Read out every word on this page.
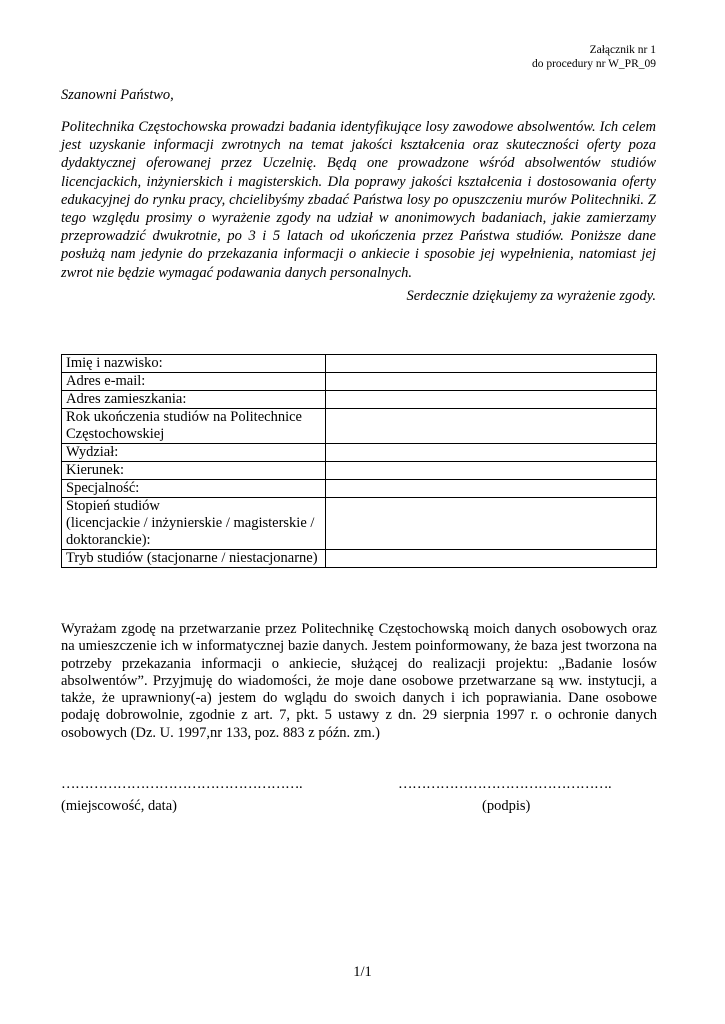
Załącznik nr 1
do procedury nr W_PR_09
Szanowni Państwo,

Politechnika Częstochowska prowadzi badania identyfikujące losy zawodowe absolwentów. Ich celem jest uzyskanie informacji zwrotnych na temat jakości kształcenia oraz skuteczności oferty poza dydaktycznej oferowanej przez Uczelnię. Będą one prowadzone wśród absolwentów studiów licencjackich, inżynierskich i magisterskich. Dla poprawy jakości kształcenia i dostosowania oferty edukacyjnej do rynku pracy, chcielibyśmy zbadać Państwa losy po opuszczeniu murów Politechniki. Z tego względu prosimy o wyrażenie zgody na udział w anonimowych badaniach, jakie zamierzamy przeprowadzić dwukrotnie, po 3 i 5 latach od ukończenia przez Państwa studiów. Poniższe dane posłużą nam jedynie do przekazania informacji o ankiecie i sposobie jej wypełnienia, natomiast jej zwrot nie będzie wymagać podawania danych personalnych.

Serdecznie dziękujemy za wyrażenie zgody.
Imię i nazwisko:	
Adres e-mail:	
Adres zamieszkania:	
Rok ukończenia studiów na Politechnice Częstochowskiej	
Wydział:	
Kierunek:	
Specjalność:	
Stopień studiów
(licencjackie / inżynierskie / magisterskie / doktoranckie):	
Tryb studiów (stacjonarne / niestacjonarne)	

Wyrażam zgodę na przetwarzanie przez Politechnikę Częstochowską moich danych osobowych oraz na umieszczenie ich w informatycznej bazie danych. Jestem poinformowany, że baza jest tworzona na potrzeby przekazania informacji o ankiecie, służącej do realizacji projektu: „Badanie losów absolwentów”. Przyjmuję do wiadomości, że moje dane osobowe przetwarzane są ww. instytucji, a także, że uprawniony(-a) jestem do wglądu do swoich danych i ich poprawiania. Dane osobowe podaję dobrowolnie, zgodnie z art. 7, pkt. 5 ustawy z dn. 29 sierpnia 1997 r. o ochronie danych osobowych (Dz. U. 1997,nr 133, poz. 883 z późn. zm.)

…………………………………………….	……………………………………….
(miejscowość, data)	(podpis)
1/1
